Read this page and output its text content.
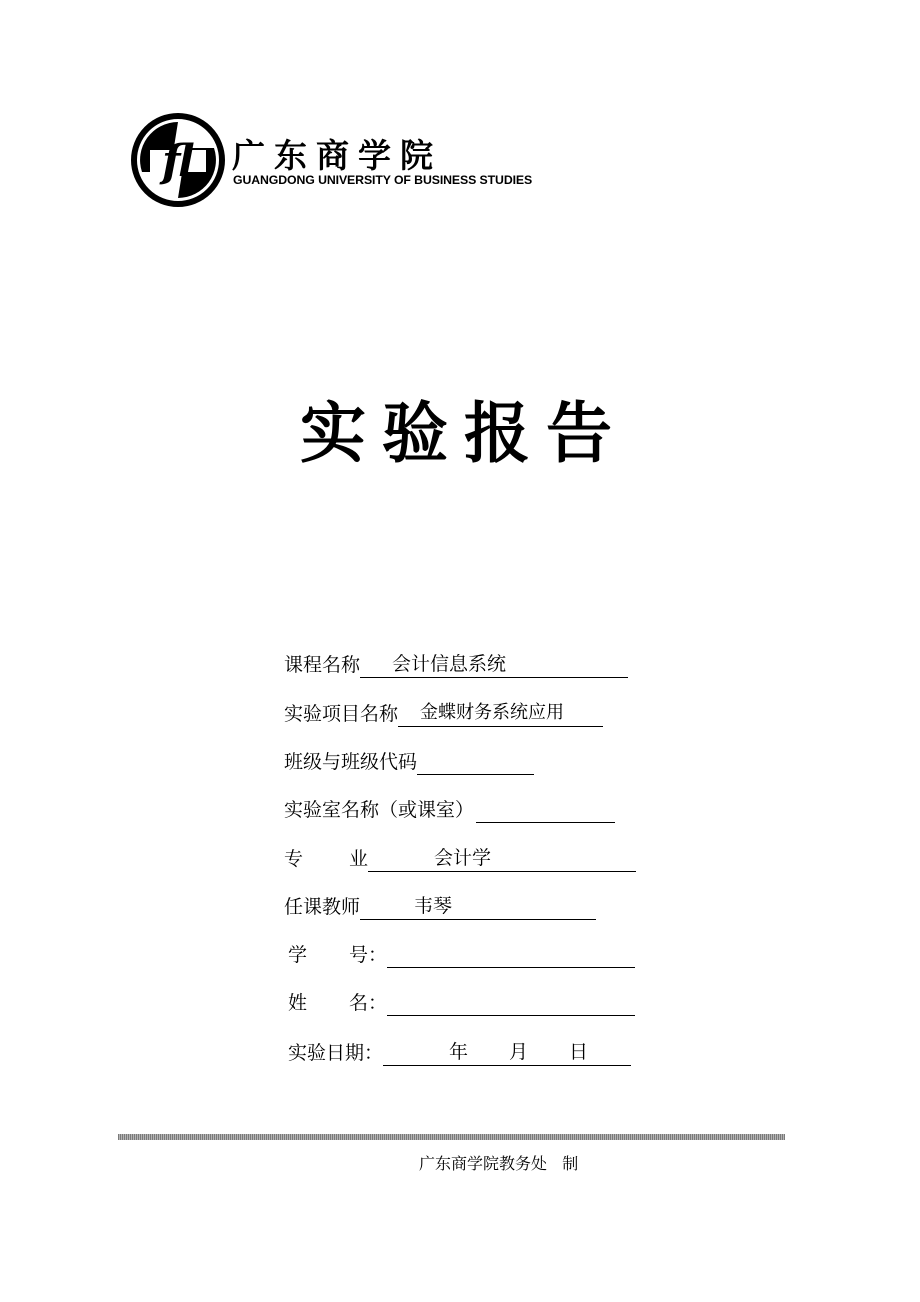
fl 广东商学院
GUANGDONG UNIVERSITY OF BUSINESS STUDIES
实验报告
课程名称 会计信息系统
实验项目名称 金蝶财务系统应用
班级与班级代码
实验室名称（或课室）
专 业	会计学
任课教师	韦琴
学 号：
姓 名：
实验日期：	年 月 日
广东商学院教务处 制
